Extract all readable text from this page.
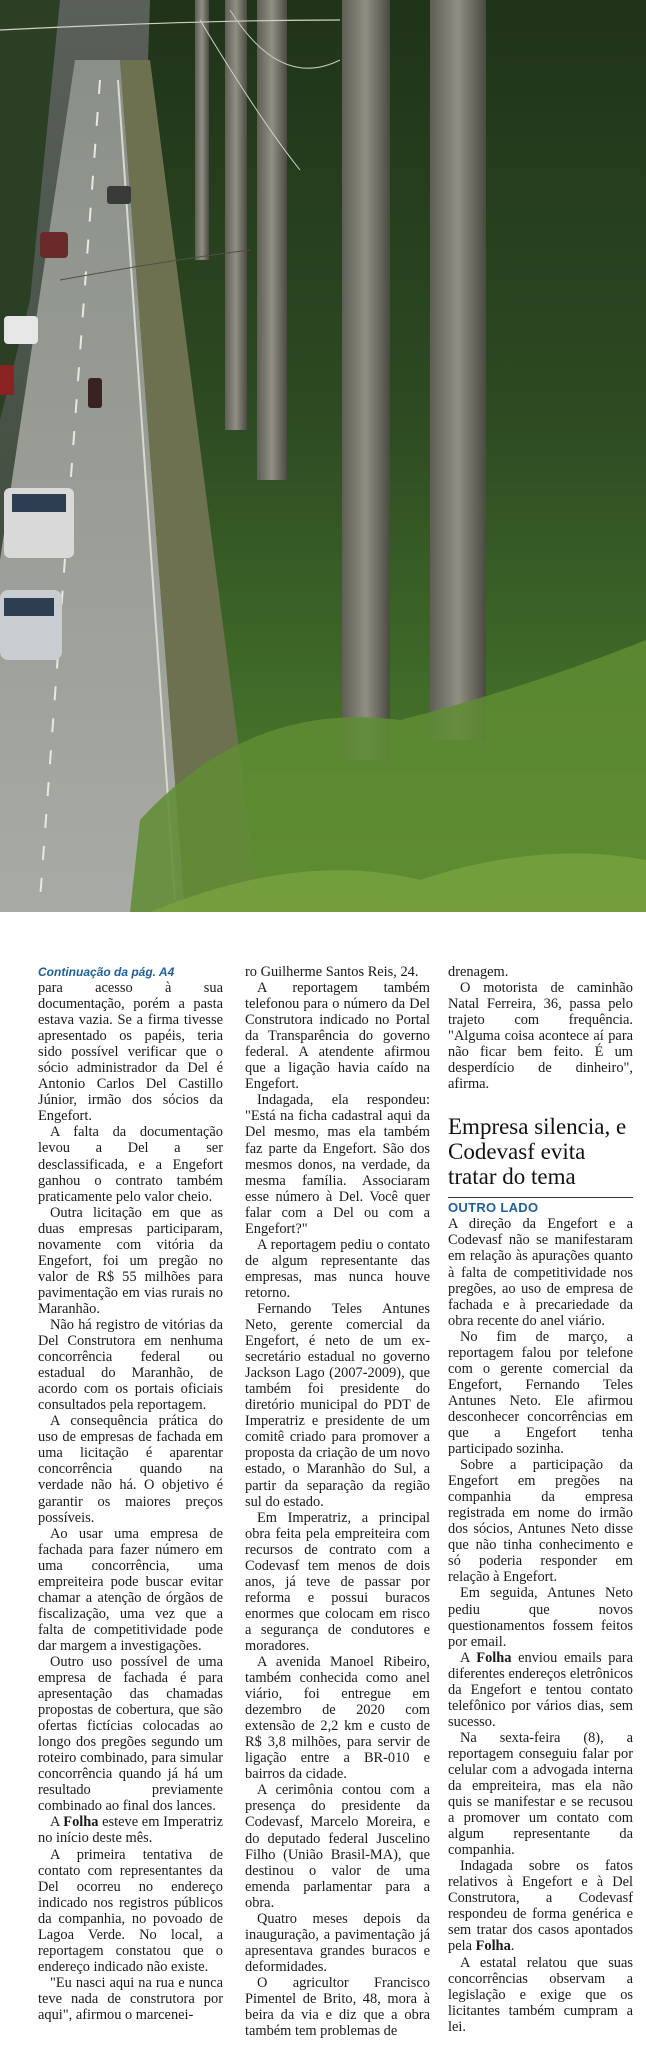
Continuação da pág. A4

para acesso à sua documentação, porém a pasta estava vazia. Se a firma tivesse apresentado os papéis, teria sido possível verificar que o sócio administrador da Del é Antonio Carlos Del Castillo Júnior, irmão dos sócios da Engefort.

A falta da documentação levou a Del a ser desclassificada, e a Engefort ganhou o contrato também praticamente pelo valor cheio.

Outra licitação em que as duas empresas participaram, novamente com vitória da Engefort, foi um pregão no valor de R$ 55 milhões para pavimentação em vias rurais no Maranhão.

Não há registro de vitórias da Del Construtora em nenhuma concorrência federal ou estadual do Maranhão, de acordo com os portais oficiais consultados pela reportagem.

A consequência prática do uso de empresas de fachada em uma licitação é aparentar concorrência quando na verdade não há. O objetivo é garantir os maiores preços possíveis.

Ao usar uma empresa de fachada para fazer número em uma concorrência, uma empreiteira pode buscar evitar chamar a atenção de órgãos de fiscalização, uma vez que a falta de competitividade pode dar margem a investigações.

Outro uso possível de uma empresa de fachada é para apresentação das chamadas propostas de cobertura, que são ofertas fictícias colocadas ao longo dos pregões segundo um roteiro combinado, para simular concorrência quando já há um resultado previamente combinado ao final dos lances.

A Folha esteve em Imperatriz no início deste mês.

A primeira tentativa de contato com representantes da Del ocorreu no endereço indicado nos registros públicos da companhia, no povoado de Lagoa Verde. No local, a reportagem constatou que o endereço indicado não existe.

"Eu nasci aqui na rua e nunca teve nada de construtora por aqui", afirmou o marcenei-

ro Guilherme Santos Reis, 24.

A reportagem também telefonou para o número da Del Construtora indicado no Portal da Transparência do governo federal. A atendente afirmou que a ligação havia caído na Engefort.

Indagada, ela respondeu: "Está na ficha cadastral aqui da Del mesmo, mas ela também faz parte da Engefort. São dos mesmos donos, na verdade, da mesma família. Associaram esse número à Del. Você quer falar com a Del ou com a Engefort?"

A reportagem pediu o contato de algum representante das empresas, mas nunca houve retorno.

Fernando Teles Antunes Neto, gerente comercial da Engefort, é neto de um ex-secretário estadual no governo Jackson Lago (2007-2009), que também foi presidente do diretório municipal do PDT de Imperatriz e presidente de um comitê criado para promover a proposta da criação de um novo estado, o Maranhão do Sul, a partir da separação da região sul do estado.

Em Imperatriz, a principal obra feita pela empreiteira com recursos de contrato com a Codevasf tem menos de dois anos, já teve de passar por reforma e possui buracos enormes que colocam em risco a segurança de condutores e moradores.

A avenida Manoel Ribeiro, também conhecida como anel viário, foi entregue em dezembro de 2020 com extensão de 2,2 km e custo de R$ 3,8 milhões, para servir de ligação entre a BR-010 e bairros da cidade.

A cerimônia contou com a presença do presidente da Codevasf, Marcelo Moreira, e do deputado federal Juscelino Filho (União Brasil-MA), que destinou o valor de uma emenda parlamentar para a obra.

Quatro meses depois da inauguração, a pavimentação já apresentava grandes buracos e deformidades.

O agricultor Francisco Pimentel de Brito, 48, mora à beira da via e diz que a obra também tem problemas de

drenagem.

O motorista de caminhão Natal Ferreira, 36, passa pelo trajeto com frequência. "Alguma coisa acontece aí para não ficar bem feito. É um desperdício de dinheiro", afirma.

Empresa silencia, e Codevasf evita tratar do tema
OUTRO LADO

A direção da Engefort e a Codevasf não se manifestaram em relação às apurações quanto à falta de competitividade nos pregões, ao uso de empresa de fachada e à precariedade da obra recente do anel viário.

No fim de março, a reportagem falou por telefone com o gerente comercial da Engefort, Fernando Teles Antunes Neto. Ele afirmou desconhecer concorrências em que a Engefort tenha participado sozinha.

Sobre a participação da Engefort em pregões na companhia da empresa registrada em nome do irmão dos sócios, Antunes Neto disse que não tinha conhecimento e só poderia responder em relação à Engefort.

Em seguida, Antunes Neto pediu que novos questionamentos fossem feitos por email.

A Folha enviou emails para diferentes endereços eletrônicos da Engefort e tentou contato telefônico por vários dias, sem sucesso.

Na sexta-feira (8), a reportagem conseguiu falar por celular com a advogada interna da empreiteira, mas ela não quis se manifestar e se recusou a promover um contato com algum representante da companhia.

Indagada sobre os fatos relativos à Engefort e à Del Construtora, a Codevasf respondeu de forma genérica e sem tratar dos casos apontados pela Folha.

A estatal relatou que suas concorrências observam a legislação e exige que os licitantes também cumpram a lei.
